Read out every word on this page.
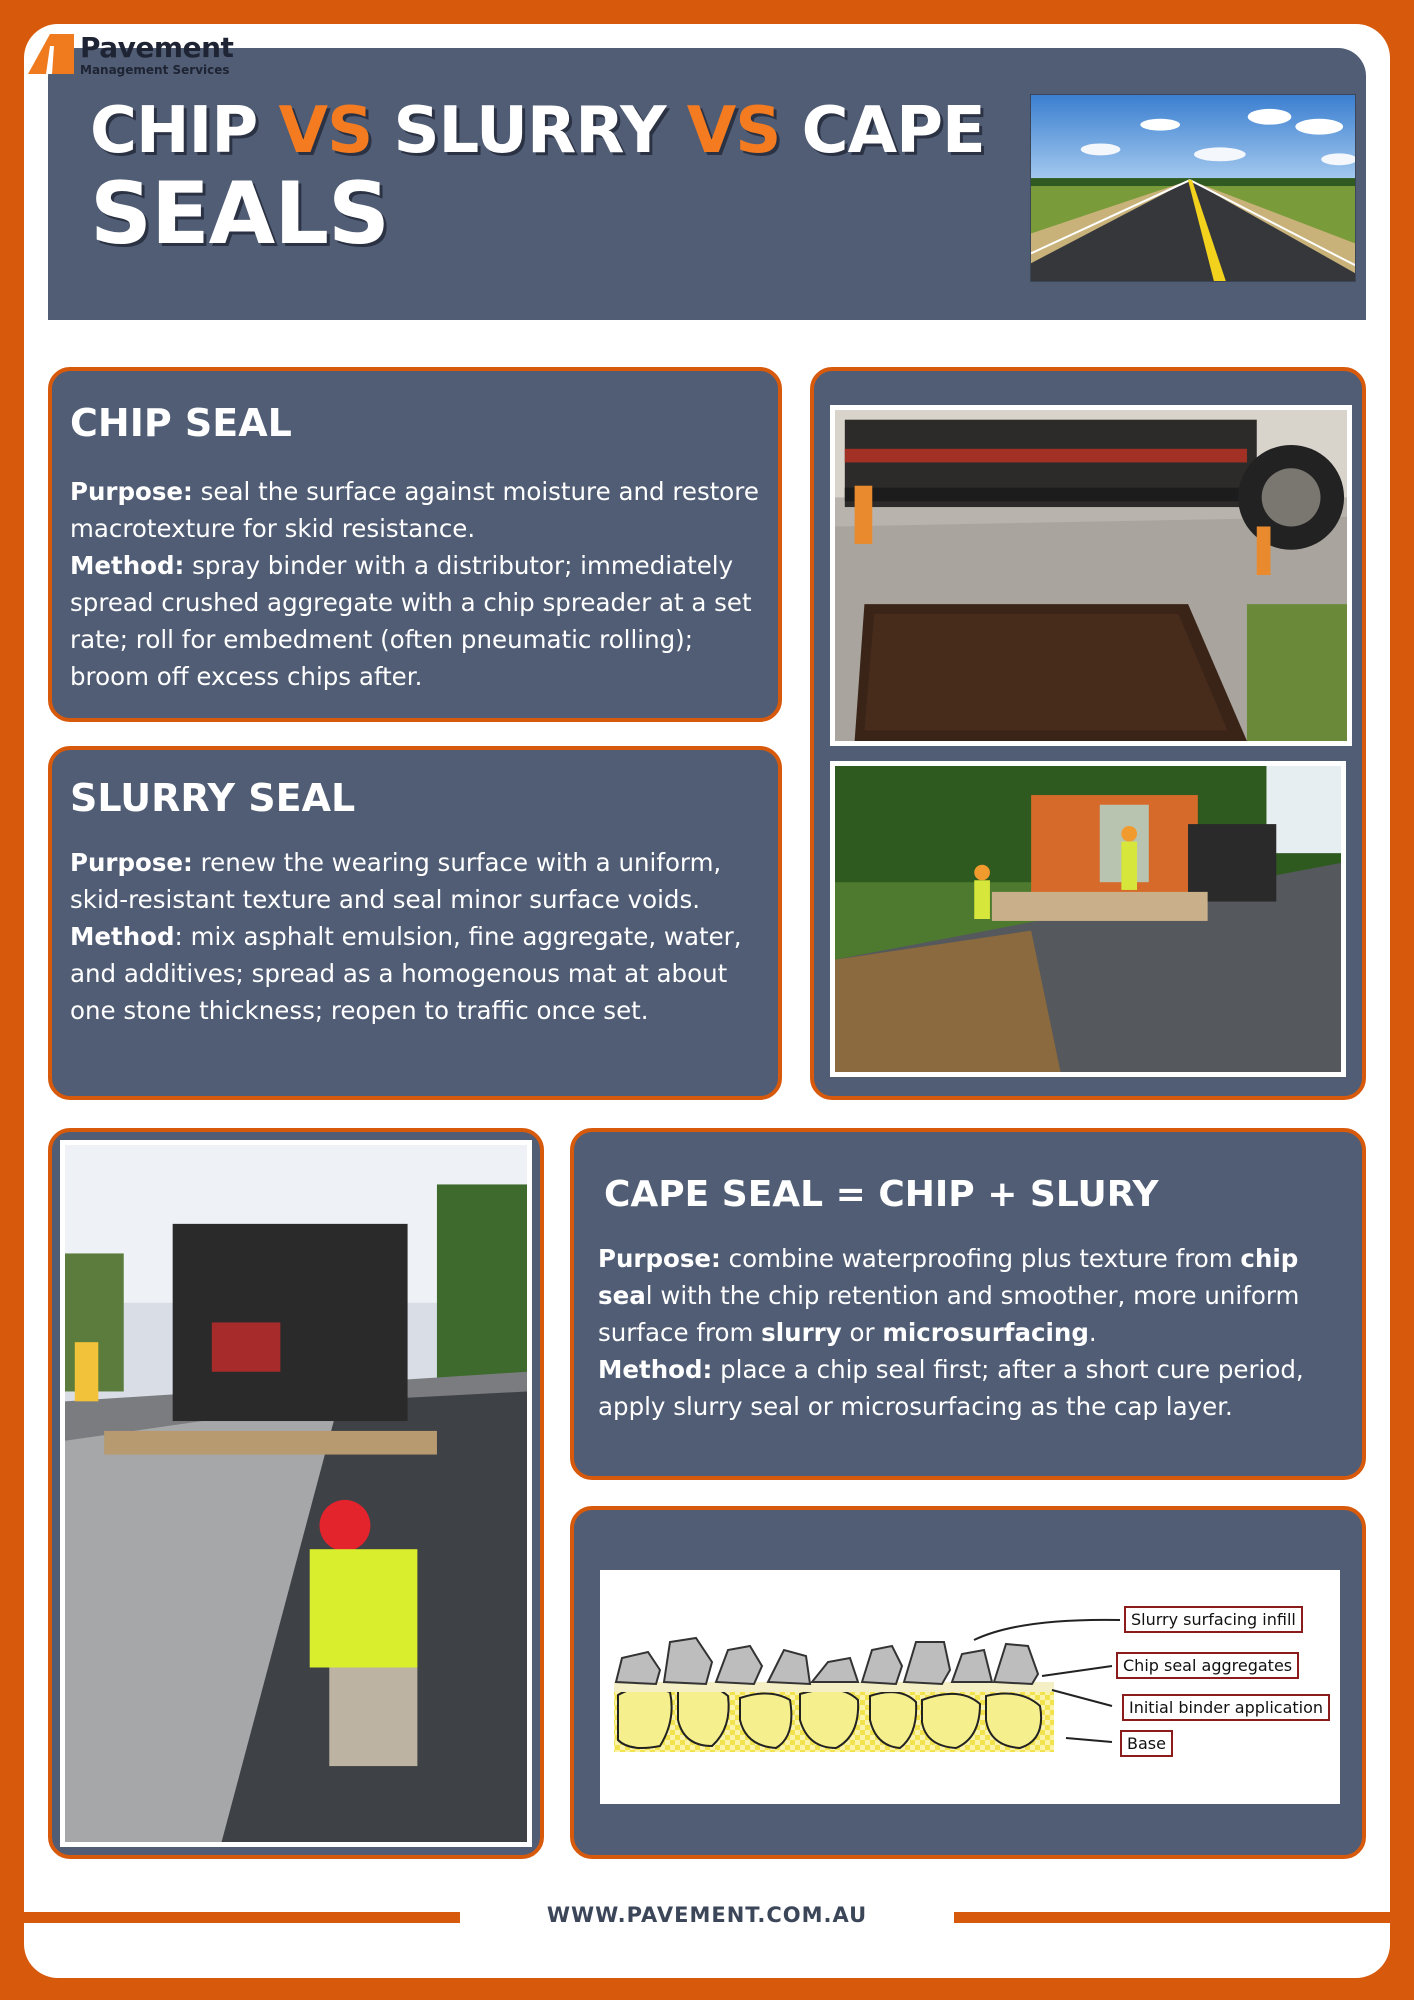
CHIP VS SLURRY VS CAPE
SEALS
Pavement
Management Services
CHIP SEAL
Purpose: seal the surface against moisture and restore macrotexture for skid resistance.
Method: spray binder with a distributor; immediately spread crushed aggregate with a chip spreader at a set rate; roll for embedment (often pneumatic rolling); broom off excess chips after.
SLURRY SEAL
Purpose: renew the wearing surface with a uniform, skid-resistant texture and seal minor surface voids.
Method: mix asphalt emulsion, fine aggregate, water, and additives; spread as a homogenous mat at about one stone thickness; reopen to traffic once set.
CAPE SEAL = CHIP + SLURY
Purpose: combine waterproofing plus texture from chip seal with the chip retention and smoother, more uniform surface from slurry or microsurfacing.
Method: place a chip seal first; after a short cure period, apply slurry seal or microsurfacing as the cap layer.
Slurry surfacing infill
Chip seal aggregates
Initial binder application
Base
WWW.PAVEMENT.COM.AU
